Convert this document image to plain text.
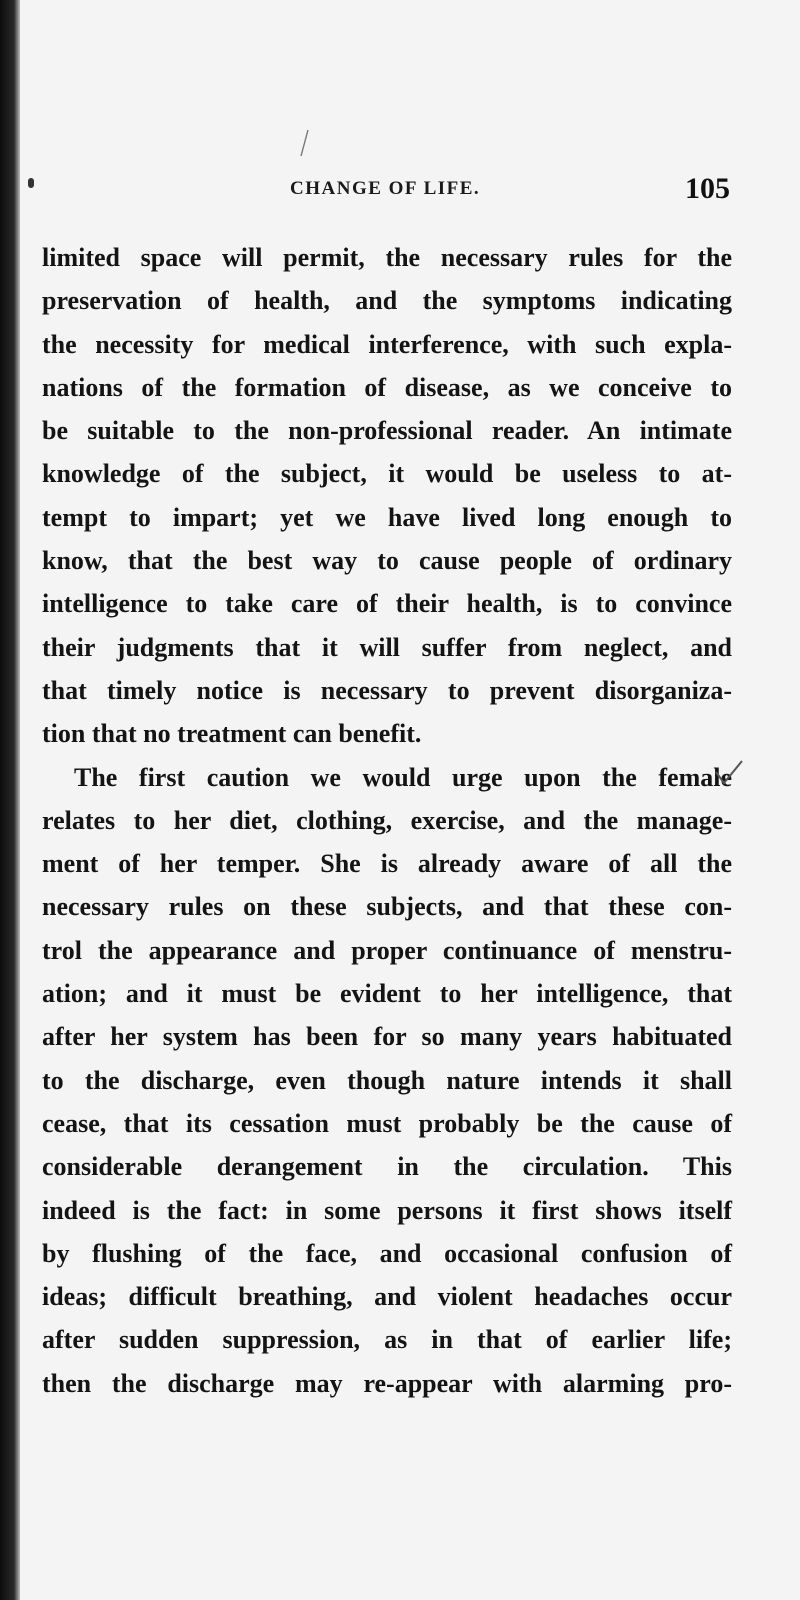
CHANGE OF LIFE.	105
limited space will permit, the necessary rules for the
preservation of health, and the symptoms indicating
the necessity for medical interference, with such expla-
nations of the formation of disease, as we conceive to
be suitable to the non-professional reader. An intimate
knowledge of the subject, it would be useless to at-
tempt to impart; yet we have lived long enough to
know, that the best way to cause people of ordinary
intelligence to take care of their health, is to convince
their judgments that it will suffer from neglect, and
that timely notice is necessary to prevent disorganiza-
tion that no treatment can benefit.
The first caution we would urge upon the female
relates to her diet, clothing, exercise, and the manage-
ment of her temper. She is already aware of all the
necessary rules on these subjects, and that these con-
trol the appearance and proper continuance of menstru-
ation; and it must be evident to her intelligence, that
after her system has been for so many years habituated
to the discharge, even though nature intends it shall
cease, that its cessation must probably be the cause of
considerable derangement in the circulation. This
indeed is the fact: in some persons it first shows itself
by flushing of the face, and occasional confusion of
ideas; difficult breathing, and violent headaches occur
after sudden suppression, as in that of earlier life;
then the discharge may re-appear with alarming pro-
